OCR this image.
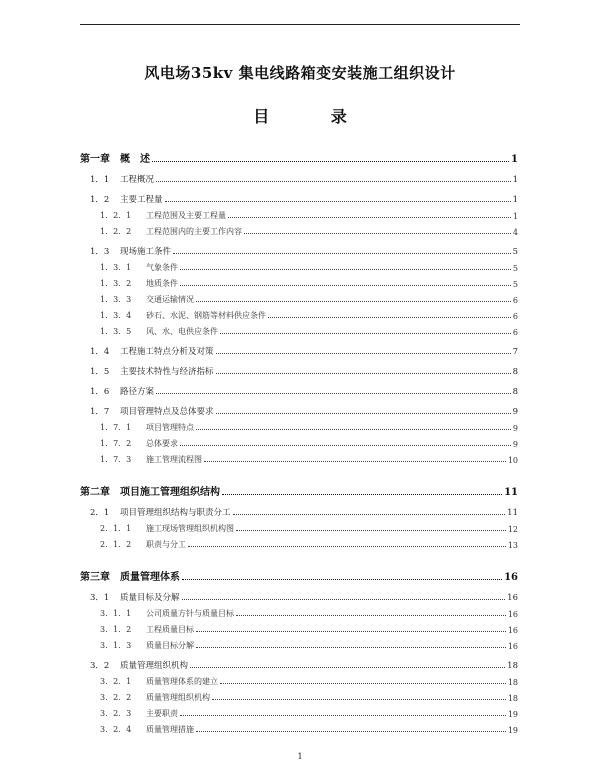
风电场35kv 集电线路箱变安装施工组织设计
目 录
第一章 概　述	1
1．1 工程概况	1
1．2 主要工程量	1
1．2．1 工程范围及主要工程量	1
1．2．2 工程范围内的主要工作内容	4
1．3 现场施工条件	5
1．3．1 气象条件	5
1．3．2 地质条件	5
1．3．3 交通运输情况	6
1．3．4 砂石、水泥、钢筋等材料供应条件	6
1．3．5 风、水、电供应条件	6
1．4 工程施工特点分析及对策	7
1．5 主要技术特性与经济指标	8
1．6 路径方案	8
1．7 项目管理特点及总体要求	9
1．7．1 项目管理特点	9
1．7．2 总体要求	9
1．7．3 施工管理流程图	10
第二章 项目施工管理组织结构	11
2．1 项目管理组织结构与职责分工	11
2．1．1 施工现场管理组织机构图	12
2．1．2 职责与分工	13
第三章 质量管理体系	16
3．1 质量目标及分解	16
3．1．1 公司质量方针与质量目标	16
3．1．2 工程质量目标	16
3．1．3 质量目标分解	16
3．2 质量管理组织机构	18
3．2．1 质量管理体系的建立	18
3．2．2 质量管理组织机构	18
3．2．3 主要职责	19
3．2．4 质量管理措施	19
1
